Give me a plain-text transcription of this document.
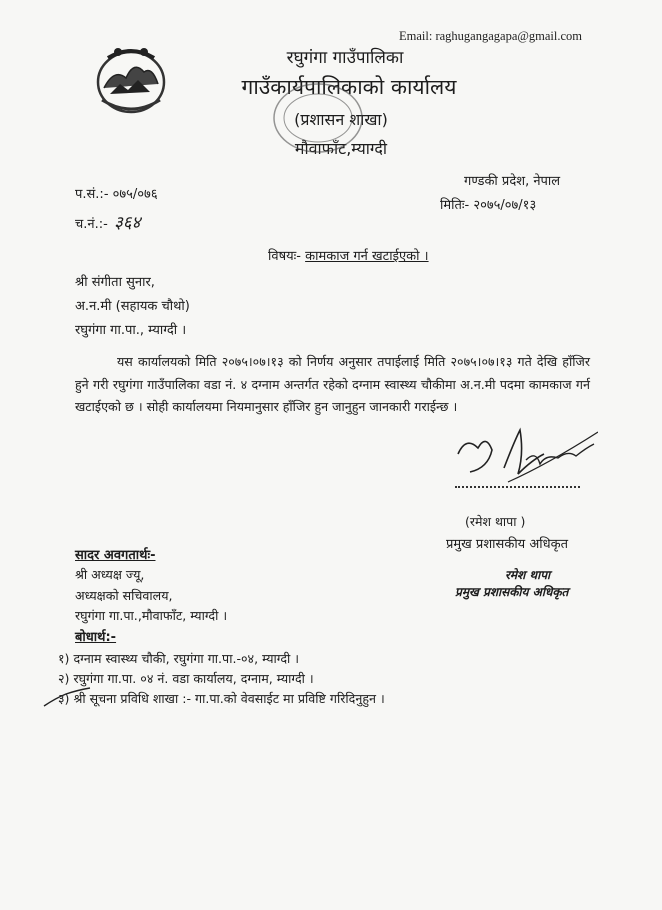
Email: raghugangagapa@gmail.com
रघुगंगा गाउँपालिका
गाउँकार्यपालिकाको कार्यालय
(प्रशासन शाखा)
मौवाफाँट,म्याग्दी
गण्डकी प्रदेश, नेपाल
मितिः- २०७५/०७/१३
प.सं.:- ०७५/०७६
च.नं.:- ३६४
विषयः- कामकाज गर्न खटाईएको ।
श्री संगीता सुनार,
अ.न.मी (सहायक चौथो)
रघुगंगा गा.पा., म्याग्दी ।
यस कार्यालयको मिति २०७५।०७।१३ को निर्णय अनुसार तपाईलाई मिति २०७५।०७।१३ गते देखि हाँजिर हुने गरी रघुगंगा गाउँपालिका वडा नं. ४ दग्नाम अन्तर्गत रहेको दग्नाम स्वास्थ्य चौकीमा अ.न.मी पदमा कामकाज गर्न खटाईएको छ । सोही कार्यालयमा नियमानुसार हाँजिर हुन जानुहुन जानकारी गराईन्छ ।
(रमेश थापा )
प्रमुख प्रशासकीय अधिकृत
रमेश थापा
प्रमुख प्रशासकीय अधिकृत
सादर अवगतार्थः-
श्री अध्यक्ष ज्यू,
अध्यक्षको सचिवालय,
रघुगंगा गा.पा.,मौवाफाँट, म्याग्दी ।
बोधार्थ:-
१) दग्नाम स्वास्थ्य चौकी, रघुगंगा गा.पा.-०४, म्याग्दी ।
२) रघुगंगा गा.पा. ०४ नं. वडा कार्यालय, दग्नाम, म्याग्दी ।
३) श्री सूचना प्रविधि शाखा :- गा.पा.को वेवसाईट मा प्रविष्टि गरिदिनुहुन ।
